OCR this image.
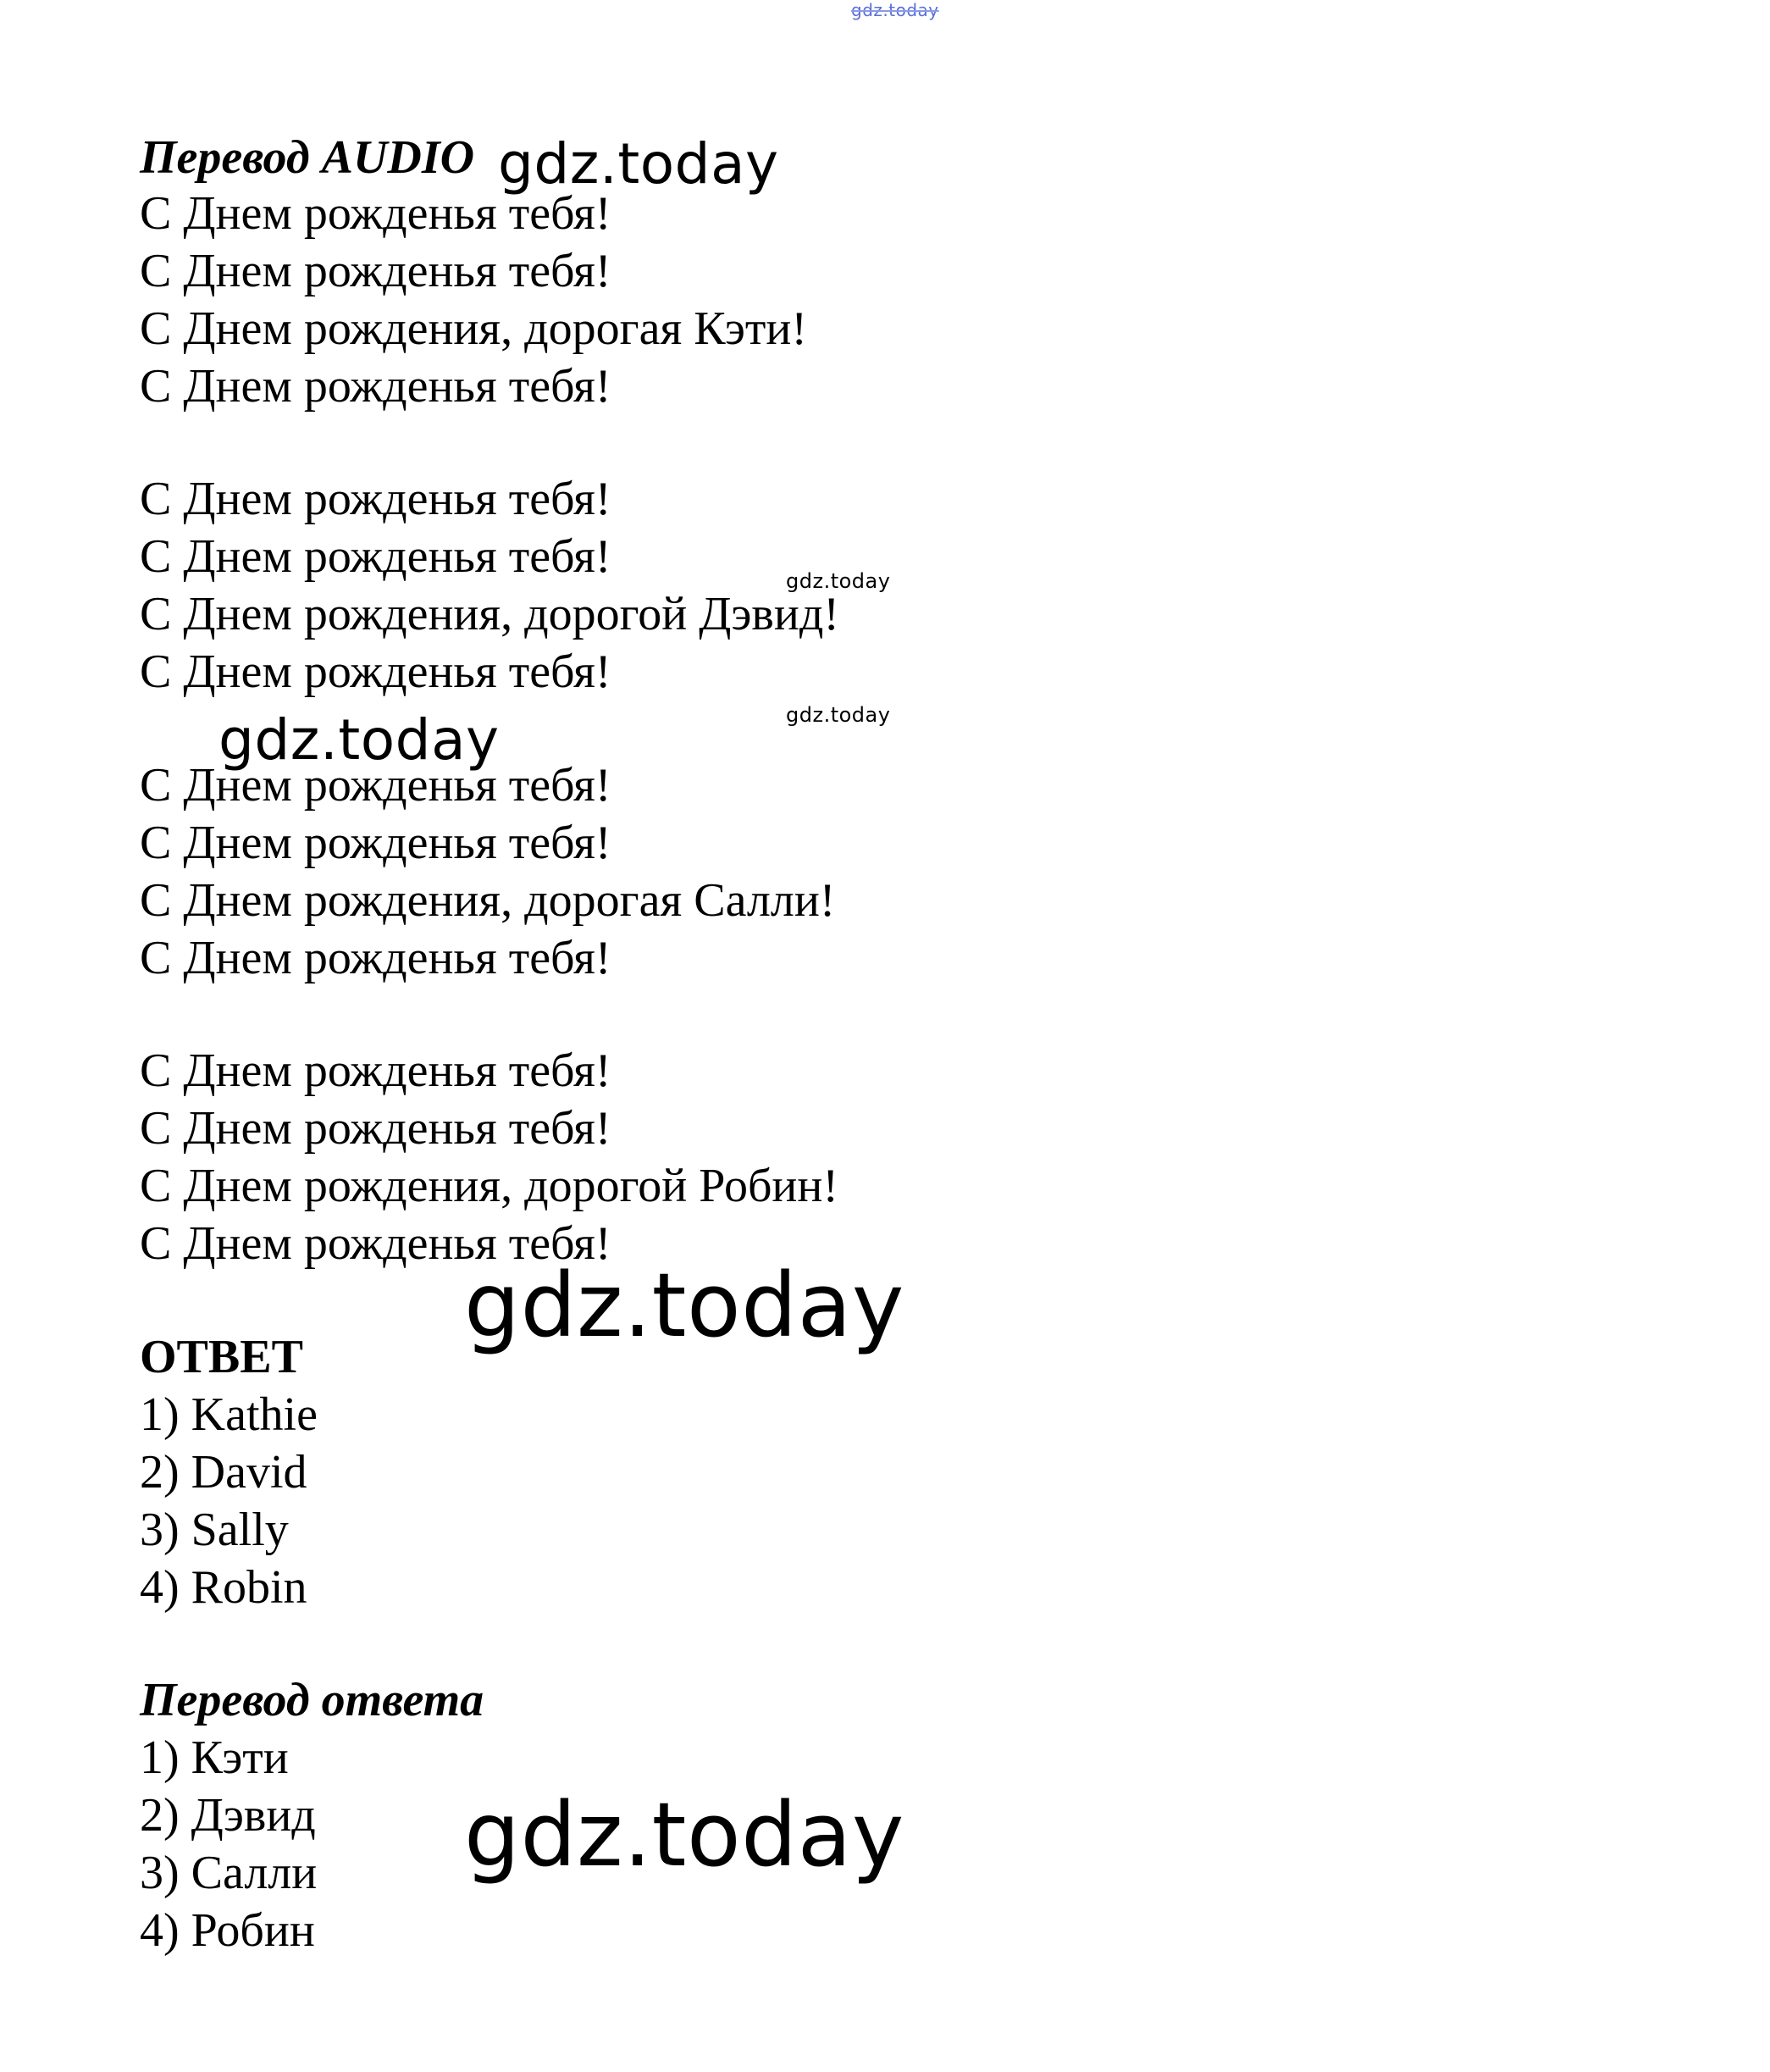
gdz.today
Перевод AUDIO gdz.today
С Днем рожденья тебя!
С Днем рожденья тебя!
С Днем рождения, дорогая Кэти!
С Днем рожденья тебя!
С Днем рожденья тебя!
С Днем рожденья тебя!	gdz.today
С Днем рождения, дорогой Дэвид!
С Днем рожденья тебя!
gdz.today
gdz.today
С Днем рожденья тебя!
С Днем рожденья тебя!
С Днем рождения, дорогая Салли!
С Днем рожденья тебя!
С Днем рожденья тебя!
С Днем рожденья тебя!
С Днем рождения, дорогой Робин!
С Днем рожденья тебя!
gdz.today
ОТВЕТ
1) Kathie
2) David
3) Sally
4) Robin
Перевод ответа
1) Кэти
2) Дэвид
3) Салли
4) Робин
gdz.today
